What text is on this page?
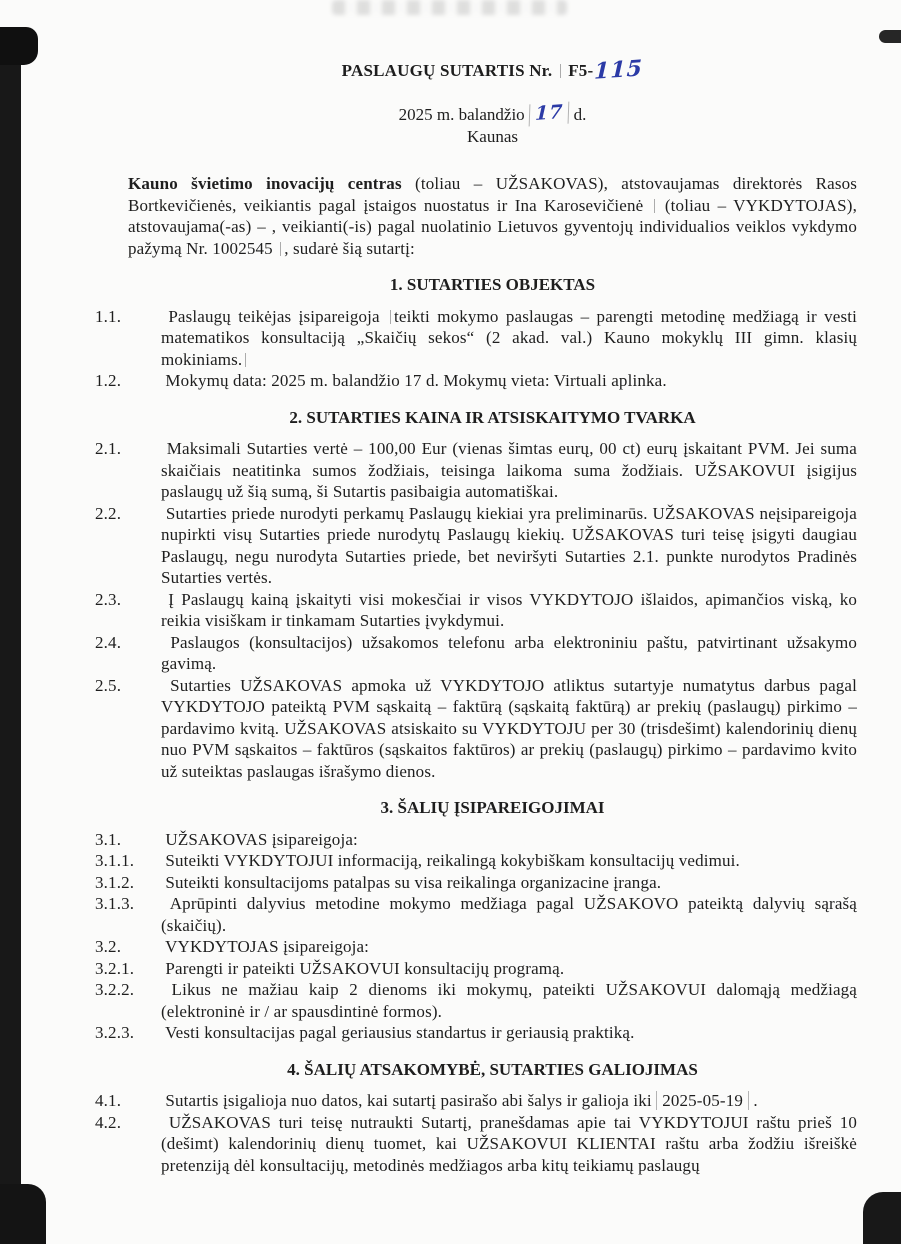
PASLAUGŲ SUTARTIS Nr. F5-115
2025 m. balandžio 17 d.
Kaunas

Kauno švietimo inovacijų centras (toliau – UŽSAKOVAS), atstovaujamas direktorės Rasos Bortkevičienės, veikiantis pagal įstaigos nuostatus ir Ina Karosevičienė  (toliau – VYKDYTOJAS), atstovaujama(-as) – , veikianti(-is) pagal nuolatinio Lietuvos gyventojų individualios veiklos vykdymo pažymą Nr. 1002545 , sudarė šią sutartį:

1. SUTARTIES OBJEKTAS
1.1.	Paslaugų teikėjas įsipareigoja teikti mokymo paslaugas – parengti metodinę medžiagą ir vesti matematikos konsultaciją „Skaičių sekos“ (2 akad. val.) Kauno mokyklų III gimn. klasių mokiniams.
1.2.	Mokymų data: 2025 m. balandžio 17 d. Mokymų vieta: Virtuali aplinka.
2. SUTARTIES KAINA IR ATSISKAITYMO TVARKA
2.1.	Maksimali Sutarties vertė – 100,00 Eur (vienas šimtas eurų, 00 ct) eurų įskaitant PVM. Jei suma skaičiais neatitinka sumos žodžiais, teisinga laikoma suma žodžiais. UŽSAKOVUI įsigijus paslaugų už šią sumą, ši Sutartis pasibaigia automatiškai.
2.2.	Sutarties priede nurodyti perkamų Paslaugų kiekiai yra preliminarūs. UŽSAKOVAS neįsipareigoja nupirkti visų Sutarties priede nurodytų Paslaugų kiekių. UŽSAKOVAS turi teisę įsigyti daugiau Paslaugų, negu nurodyta Sutarties priede, bet neviršyti Sutarties 2.1. punkte nurodytos Pradinės Sutarties vertės.
2.3.	Į Paslaugų kainą įskaityti visi mokesčiai ir visos VYKDYTOJO išlaidos, apimančios viską, ko reikia visiškam ir tinkamam Sutarties įvykdymui.
2.4.	Paslaugos (konsultacijos) užsakomos telefonu arba elektroniniu paštu, patvirtinant užsakymo gavimą.
2.5.	Sutarties UŽSAKOVAS apmoka už VYKDYTOJO atliktus sutartyje numatytus darbus pagal VYKDYTOJO pateiktą PVM sąskaitą – faktūrą (sąskaitą faktūrą) ar prekių (paslaugų) pirkimo – pardavimo kvitą. UŽSAKOVAS atsiskaito su VYKDYTOJU per 30 (trisdešimt) kalendorinių dienų nuo PVM sąskaitos – faktūros (sąskaitos faktūros) ar prekių (paslaugų) pirkimo – pardavimo kvito už suteiktas paslaugas išrašymo dienos.
3. ŠALIŲ ĮSIPAREIGOJIMAI
3.1.	UŽSAKOVAS įsipareigoja:
3.1.1. Suteikti VYKDYTOJUI informaciją, reikalingą kokybiškam konsultacijų vedimui.
3.1.2. Suteikti konsultacijoms patalpas su visa reikalinga organizacine įranga.
3.1.3. Aprūpinti dalyvius metodine mokymo medžiaga pagal UŽSAKOVO pateiktą dalyvių sąrašą (skaičių).
3.2.	VYKDYTOJAS įsipareigoja:
3.2.1. Parengti ir pateikti UŽSAKOVUI konsultacijų programą.
3.2.2. Likus ne mažiau kaip 2 dienoms iki mokymų, pateikti UŽSAKOVUI dalomąją medžiagą (elektroninė ir / ar spausdintinė formos).
3.2.3. Vesti konsultacijas pagal geriausius standartus ir geriausią praktiką.
4. ŠALIŲ ATSAKOMYBĖ, SUTARTIES GALIOJIMAS
4.1.	Sutartis įsigalioja nuo datos, kai sutartį pasirašo abi šalys ir galioja iki 2025-05-19 .
4.2.	UŽSAKOVAS turi teisę nutraukti Sutartį, pranešdamas apie tai VYKDYTOJUI raštu prieš 10 (dešimt) kalendorinių dienų tuomet, kai UŽSAKOVUI KLIENTAI raštu arba žodžiu išreiškė pretenziją dėl konsultacijų, metodinės medžiagos arba kitų teikiamų paslaugų
